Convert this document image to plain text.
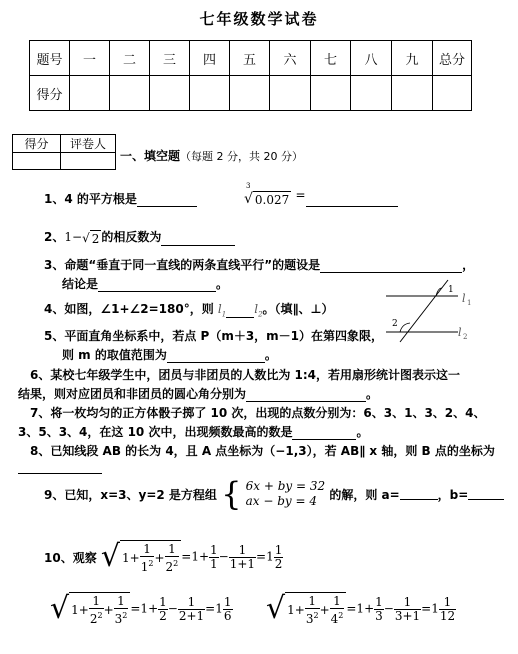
七年级数学试卷
题号	一	二	三	四	五	六	七	八	九	总分
得分										
得分	评卷人

一、填空题（每题 2 分，共 20 分）
1、4 的平方根是
3
√ 0.027 =
2、1−√ 2 的相反数为
3、命题“垂直于同一直线的两条直线平行”的题设是	，
结论是	。
4、如图，∠1+∠2=180°，则 $l_1$ $l_2$。（填∥、⊥）
1
2
l 1
l 2
5、平面直角坐标系中，若点 P（m＋3，m－1）在第四象限，
则 m 的取值范围为	。
6、某校七年级学生中，团员与非团员的人数比为 1:4，若用扇形统计图表示这一
结果，则对应团员和非团员的圆心角分别为	。
7、将一枚均匀的正方体骰子掷了 10 次，出现的点数分别为：6、3、1、3、2、4、
3、5、3、4，在这 10 次中，出现频数最高的数是	。
8、已知线段 AB 的长为 4，且 A 点坐标为（−1,3），若 AB∥ x 轴，则 B 点的坐标为
9、已知，x=3、y=2 是方程组 { 6x + by = 32
ax − by = 4	的解，则 a=	，b=
10、观察 √ $1+ \frac{1}{1^2} + \frac{1}{2^2} =1+ \frac{1}{1} - \frac{1}{1+1} =1 \frac{1}{2}$
√ $1+ \frac{1}{2^2} + \frac{1}{3^2} =1+ \frac{1}{2} - \frac{1}{2+1} =1 \frac{1}{6}$ √ $1+ \frac{1}{3^2} + \frac{1}{4^2} =1+ \frac{1}{3} - \frac{1}{3+1} =1 \frac{1}{12}$
